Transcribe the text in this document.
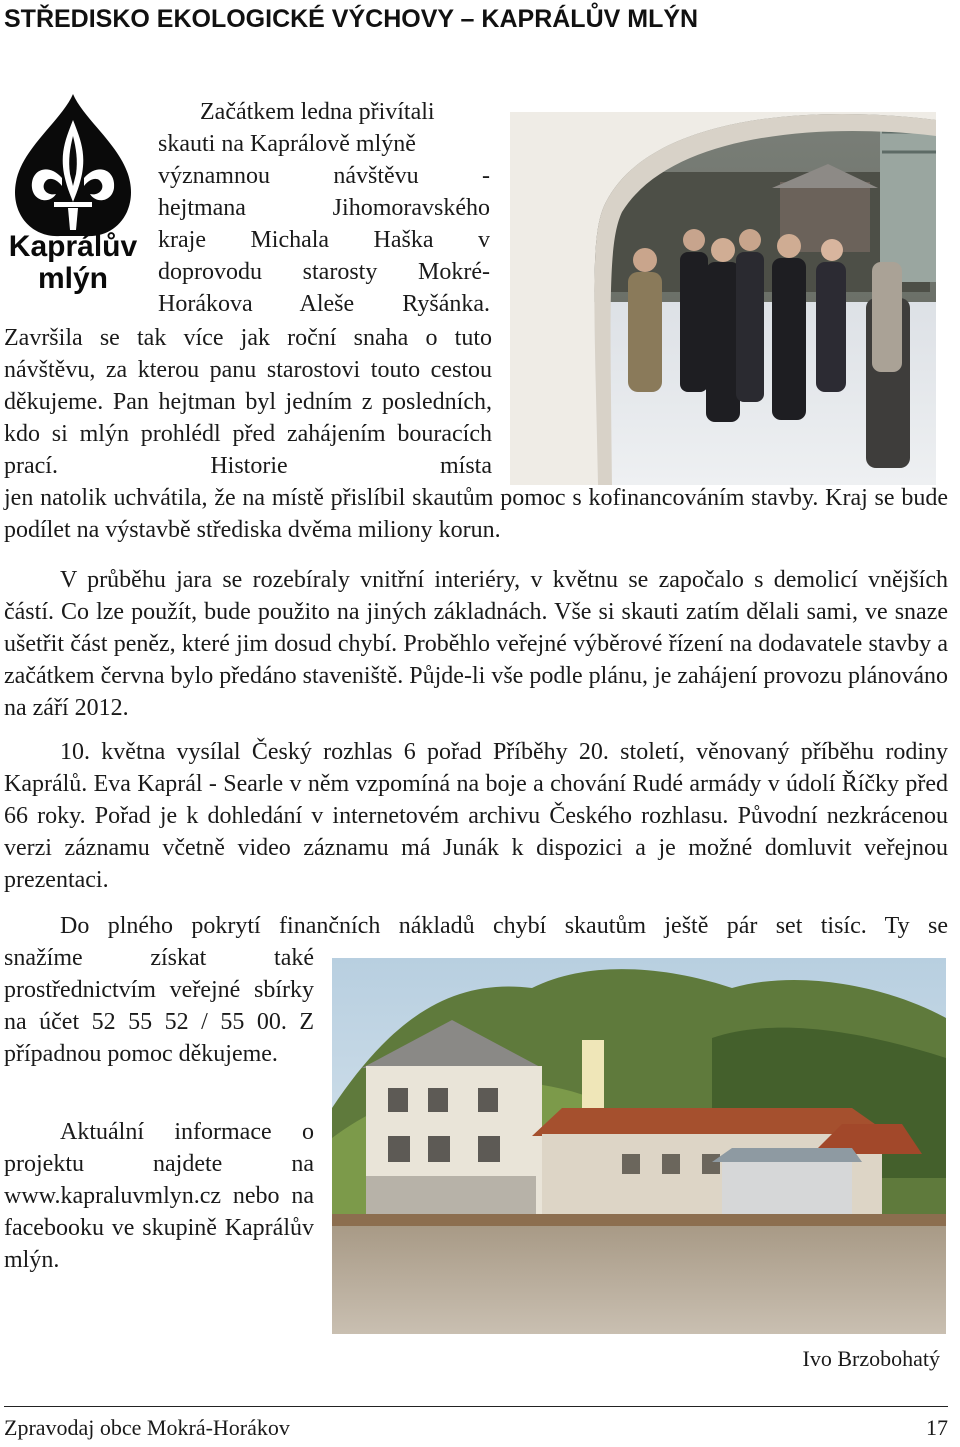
STŘEDISKO EKOLOGICKÉ VÝCHOVY – KAPRÁLŮV MLÝN
Kaprálův
mlýn

Začátkem ledna přivítali

skauti na Kaprálově mlýně

významnou návštěvu -

hejtmana Jihomoravského

kraje Michala Haška v

doprovodu starosty Mokré-

Horákova Aleše Ryšánka.

Završila se tak více jak roční snaha o tuto návštěvu, za kterou panu starostovi touto cestou děkujeme. Pan hejtman byl jedním z posledních, kdo si mlýn prohlédl před zahájením bouracích prací. Historie místa

jen natolik uchvátila, že na místě přislíbil skautům pomoc s kofinancováním stavby. Kraj se bude podílet na výstavbě střediska dvěma miliony korun.

V průběhu jara se rozebíraly vnitřní interiéry, v květnu se započalo s demolicí vnějších částí. Co lze použít, bude použito na jiných základnách. Vše si skauti zatím dělali sami, ve snaze ušetřit část peněz, které jim dosud chybí. Proběhlo veřejné výběrové řízení na dodavatele stavby a začátkem června bylo předáno staveniště. Půjde-li vše podle plánu, je zahájení provozu plánováno na září 2012.

10. května vysílal Český rozhlas 6 pořad Příběhy 20. století, věnovaný příběhu rodiny Kaprálů. Eva Kaprál - Searle v něm vzpomíná na boje a chování Rudé armády v údolí Říčky před 66 roky. Pořad je k dohledání v internetovém archivu Českého rozhlasu. Původní nezkrácenou verzi záznamu včetně video záznamu má Junák k dispozici a je možné domluvit veřejnou prezentaci.

Do plného pokrytí finančních nákladů chybí skautům ještě pár set tisíc. Ty se

snažíme získat také prostřednictvím veřejné sbírky na účet 52 55 52 / 55 00. Z případnou pomoc děkujeme.

Aktuální informace o projektu najdete na www.kapraluvmlyn.cz nebo na facebooku ve skupině Kaprálův mlýn.

Ivo Brzobohatý
Zpravodaj obce Mokrá-Horákov	17
